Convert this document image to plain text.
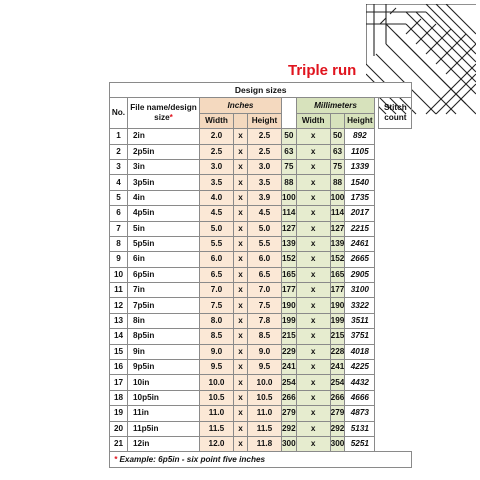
Triple run
Design sizes										
No.	File name/design
size*	Inches				Millimeters				Stitch
count
		Width		Height		Width		Height		
1	2in	2.0	x	2.5	50	x	50	892		
2	2p5in	2.5	x	2.5	63	x	63	1105		
3	3in	3.0	x	3.0	75	x	75	1339		
4	3p5in	3.5	x	3.5	88	x	88	1540		
5	4in	4.0	x	3.9	100	x	100	1735		
6	4p5in	4.5	x	4.5	114	x	114	2017		
7	5in	5.0	x	5.0	127	x	127	2215		
8	5p5in	5.5	x	5.5	139	x	139	2461		
9	6in	6.0	x	6.0	152	x	152	2665		
10	6p5in	6.5	x	6.5	165	x	165	2905		
11	7in	7.0	x	7.0	177	x	177	3100		
12	7p5in	7.5	x	7.5	190	x	190	3322		
13	8in	8.0	x	7.8	199	x	199	3511		
14	8p5in	8.5	x	8.5	215	x	215	3751		
15	9in	9.0	x	9.0	229	x	228	4018		
16	9p5in	9.5	x	9.5	241	x	241	4225		
17	10in	10.0	x	10.0	254	x	254	4432		
18	10p5in	10.5	x	10.5	266	x	266	4666		
19	11in	11.0	x	11.0	279	x	279	4873		
20	11p5in	11.5	x	11.5	292	x	292	5131		
21	12in	12.0	x	11.8	300	x	300	5251		
* Example: 6p5in - six point five inches										
